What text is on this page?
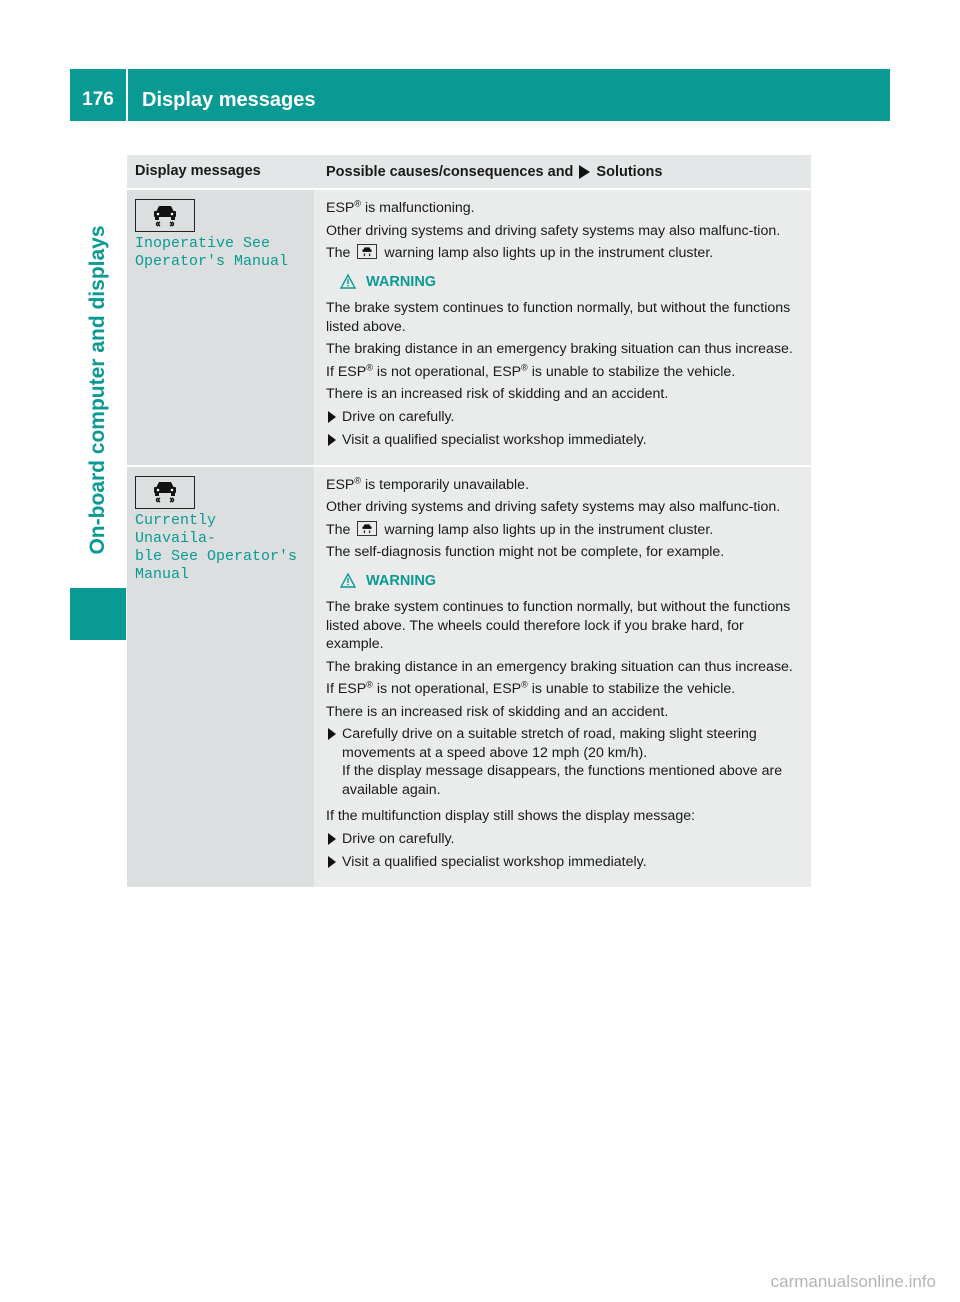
176	Display messages
On-board computer and displays
Display messages	Possible causes/consequences and Solutions
Inoperative See
Operator's Manual

ESP® is malfunctioning.

Other driving systems and driving safety systems may also malfunc-tion.

The warning lamp also lights up in the instrument cluster.

WARNING

The brake system continues to function normally, but without the functions listed above.

The braking distance in an emergency braking situation can thus increase.

If ESP® is not operational, ESP® is unable to stabilize the vehicle.

There is an increased risk of skidding and an accident.

Drive on carefully.
Visit a qualified specialist workshop immediately.
Currently Unavaila‐
ble See Operator's
Manual

ESP® is temporarily unavailable.

Other driving systems and driving safety systems may also malfunc-tion.

The warning lamp also lights up in the instrument cluster.

The self-diagnosis function might not be complete, for example.

WARNING

The brake system continues to function normally, but without the functions listed above. The wheels could therefore lock if you brake hard, for example.

The braking distance in an emergency braking situation can thus increase.

If ESP® is not operational, ESP® is unable to stabilize the vehicle.

There is an increased risk of skidding and an accident.

Carefully drive on a suitable stretch of road, making slight steering movements at a speed above 12 mph (20 km/h).
If the display message disappears, the functions mentioned above are available again.

If the multifunction display still shows the display message:

Drive on carefully.
Visit a qualified specialist workshop immediately.
carmanualsonline.info
